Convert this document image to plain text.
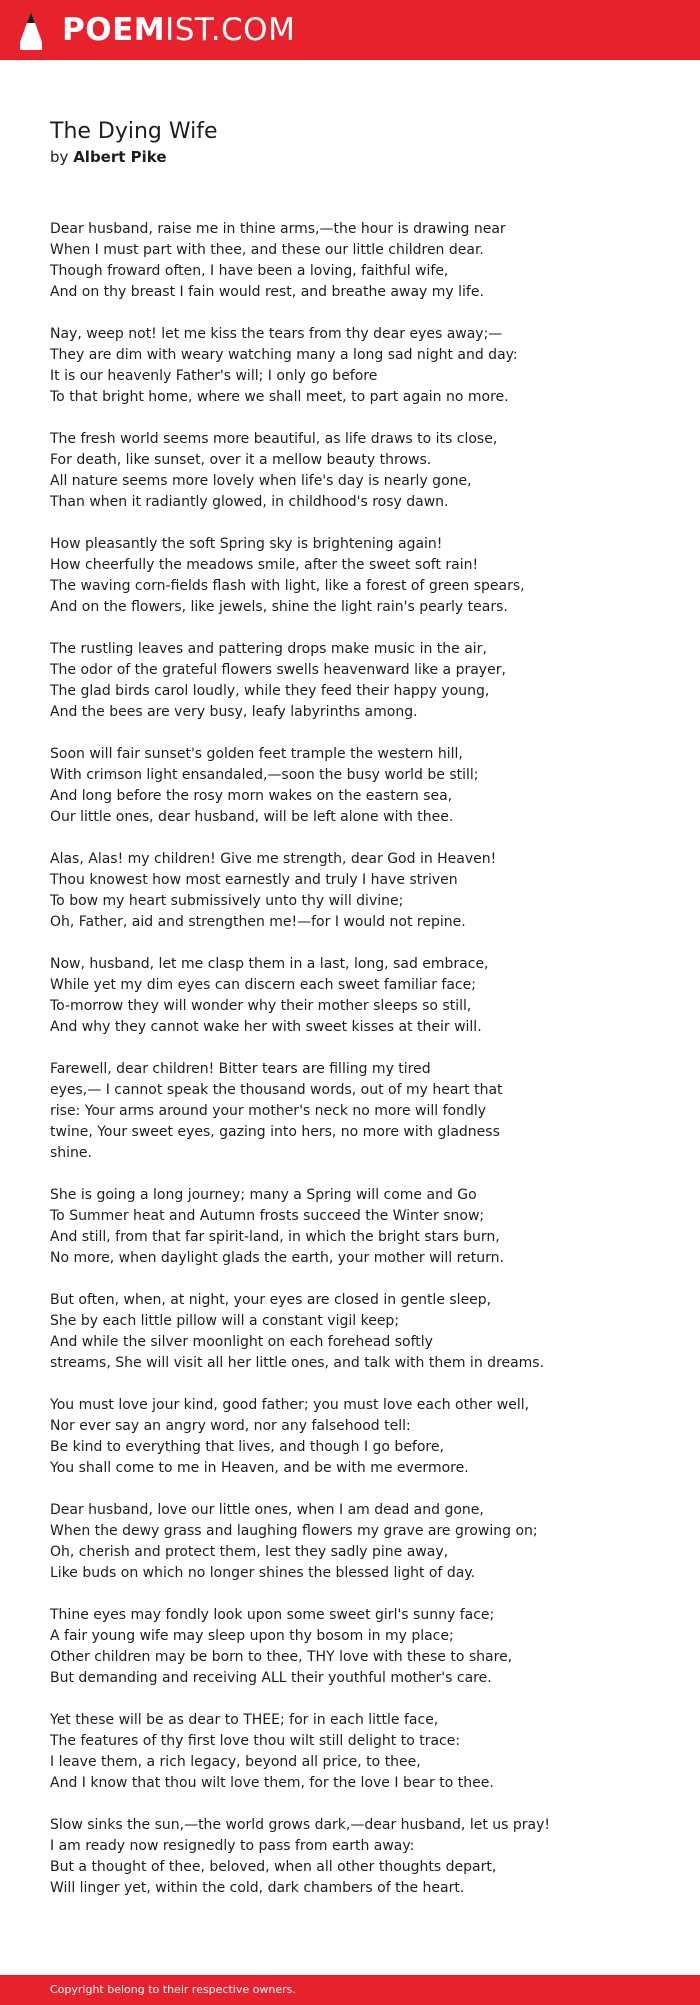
POEMIST.COM
The Dying Wife
by Albert Pike
Dear husband, raise me in thine arms,—the hour is drawing near
When I must part with thee, and these our little children dear.
Though froward often, I have been a loving, faithful wife,
And on thy breast I fain would rest, and breathe away my life.
Nay, weep not! let me kiss the tears from thy dear eyes away;—
They are dim with weary watching many a long sad night and day:
It is our heavenly Father's will; I only go before
To that bright home, where we shall meet, to part again no more.
The fresh world seems more beautiful, as life draws to its close,
For death, like sunset, over it a mellow beauty throws.
All nature seems more lovely when life's day is nearly gone,
Than when it radiantly glowed, in childhood's rosy dawn.
How pleasantly the soft Spring sky is brightening again!
How cheerfully the meadows smile, after the sweet soft rain!
The waving corn-fields flash with light, like a forest of green spears,
And on the flowers, like jewels, shine the light rain's pearly tears.
The rustling leaves and pattering drops make music in the air,
The odor of the grateful flowers swells heavenward like a prayer,
The glad birds carol loudly, while they feed their happy young,
And the bees are very busy, leafy labyrinths among.
Soon will fair sunset's golden feet trample the western hill,
With crimson light ensandaled,—soon the busy world be still;
And long before the rosy morn wakes on the eastern sea,
Our little ones, dear husband, will be left alone with thee.
Alas, Alas! my children! Give me strength, dear God in Heaven!
Thou knowest how most earnestly and truly I have striven
To bow my heart submissively unto thy will divine;
Oh, Father, aid and strengthen me!—for I would not repine.
Now, husband, let me clasp them in a last, long, sad embrace,
While yet my dim eyes can discern each sweet familiar face;
To-morrow they will wonder why their mother sleeps so still,
And why they cannot wake her with sweet kisses at their will.
Farewell, dear children! Bitter tears are filling my tired
eyes,— I cannot speak the thousand words, out of my heart that
rise: Your arms around your mother's neck no more will fondly
twine, Your sweet eyes, gazing into hers, no more with gladness
shine.
She is going a long journey; many a Spring will come and Go
To Summer heat and Autumn frosts succeed the Winter snow;
And still, from that far spirit-land, in which the bright stars burn,
No more, when daylight glads the earth, your mother will return.
But often, when, at night, your eyes are closed in gentle sleep,
She by each little pillow will a constant vigil keep;
And while the silver moonlight on each forehead softly
streams, She will visit all her little ones, and talk with them in dreams.
You must love jour kind, good father; you must love each other well,
Nor ever say an angry word, nor any falsehood tell:
Be kind to everything that lives, and though I go before,
You shall come to me in Heaven, and be with me evermore.
Dear husband, love our little ones, when I am dead and gone,
When the dewy grass and laughing flowers my grave are growing on;
Oh, cherish and protect them, lest they sadly pine away,
Like buds on which no longer shines the blessed light of day.
Thine eyes may fondly look upon some sweet girl's sunny face;
A fair young wife may sleep upon thy bosom in my place;
Other children may be born to thee, THY love with these to share,
But demanding and receiving ALL their youthful mother's care.
Yet these will be as dear to THEE; for in each little face,
The features of thy first love thou wilt still delight to trace:
I leave them, a rich legacy, beyond all price, to thee,
And I know that thou wilt love them, for the love I bear to thee.
Slow sinks the sun,—the world grows dark,—dear husband, let us pray!
I am ready now resignedly to pass from earth away:
But a thought of thee, beloved, when all other thoughts depart,
Will linger yet, within the cold, dark chambers of the heart.
Copyright belong to their respective owners.
